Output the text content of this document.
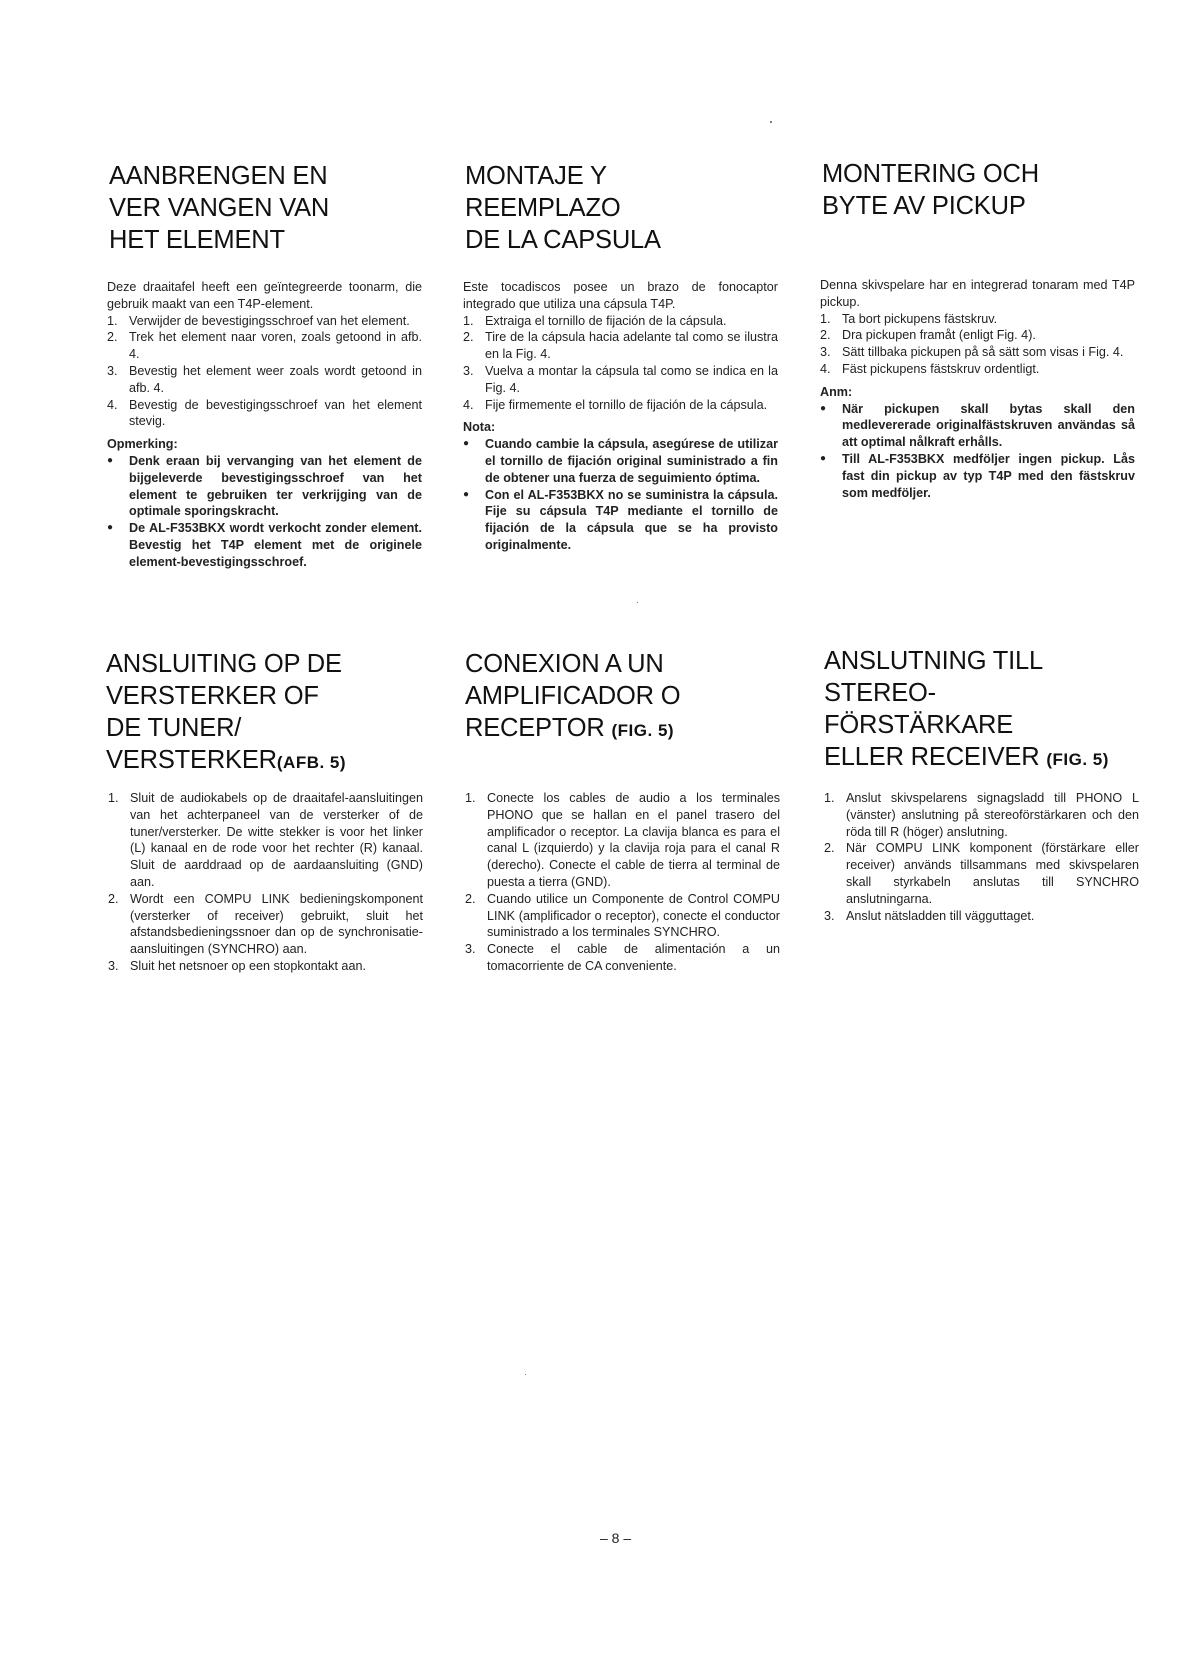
AANBRENGEN EN
VER VANGEN VAN
HET ELEMENT

Deze draaitafel heeft een geïntegreerde toonarm, die gebruik maakt van een T4P-element.

1. Verwijder de bevestigingsschroef van het element.
2. Trek het element naar voren, zoals getoond in afb. 4.
3. Bevestig het element weer zoals wordt getoond in afb. 4.
4. Bevestig de bevestigingsschroef van het element stevig.

Opmerking:

●	Denk eraan bij vervanging van het element de bijgeleverde bevestigingsschroef van het element te gebruiken ter verkrijging van de optimale sporingskracht.
●	De AL-F353BKX wordt verkocht zonder element. Bevestig het T4P element met de originele element-bevestigingsschroef.
MONTAJE Y
REEMPLAZO
DE LA CAPSULA

Este tocadiscos posee un brazo de fonocaptor integrado que utiliza una cápsula T4P.

1. Extraiga el tornillo de fijación de la cápsula.
2. Tire de la cápsula hacia adelante tal como se ilustra en la Fig. 4.
3. Vuelva a montar la cápsula tal como se indica en la Fig. 4.
4. Fije firmemente el tornillo de fijación de la cápsula.

Nota:

●	Cuando cambie la cápsula, asegúrese de utilizar el tornillo de fijación original suministrado a fin de obtener una fuerza de seguimiento óptima.
●	Con el AL-F353BKX no se suministra la cápsula. Fije su cápsula T4P mediante el tornillo de fijación de la cápsula que se ha provisto originalmente.
MONTERING OCH
BYTE AV PICKUP

Denna skivspelare har en integrerad tonaram med T4P pickup.

1. Ta bort pickupens fästskruv.
2. Dra pickupen framåt (enligt Fig. 4).
3. Sätt tillbaka pickupen på så sätt som visas i Fig. 4.
4. Fäst pickupens fästskruv ordentligt.

Anm:

●	När pickupen skall bytas skall den medlevererade originalfästskruven användas så att optimal nålkraft erhålls.
●	Till AL-F353BKX medföljer ingen pickup. Lås fast din pickup av typ T4P med den fästskruv som medföljer.
ANSLUITING OP DE
VERSTERKER OF
DE TUNER/
VERSTERKER(AFB. 5)
1. Sluit de audiokabels op de draaitafel-aansluitingen van het achterpaneel van de versterker of de tuner/versterker. De witte stekker is voor het linker (L) kanaal en de rode voor het rechter (R) kanaal. Sluit de aarddraad op de aardaansluiting (GND) aan.
2. Wordt een COMPU LINK bedieningskomponent (versterker of receiver) gebruikt, sluit het afstandsbedieningssnoer dan op de synchronisatie-aansluitingen (SYNCHRO) aan.
3. Sluit het netsnoer op een stopkontakt aan.
CONEXION A UN
AMPLIFICADOR O
RECEPTOR (FIG. 5)
1. Conecte los cables de audio a los terminales PHONO que se hallan en el panel trasero del amplificador o receptor. La clavija blanca es para el canal L (izquierdo) y la clavija roja para el canal R (derecho). Conecte el cable de tierra al terminal de puesta a tierra (GND).
2. Cuando utilice un Componente de Control COMPU LINK (amplificador o receptor), conecte el conductor suministrado a los terminales SYNCHRO.
3. Conecte el cable de alimentación a un tomacorriente de CA conveniente.
ANSLUTNING TILL
STEREO-
FÖRSTÄRKARE
ELLER RECEIVER (FIG. 5)
1. Anslut skivspelarens signagsladd till PHONO L (vänster) anslutning på stereoförstärkaren och den röda till R (höger) anslutning.
2. När COMPU LINK komponent (förstärkare eller receiver) används tillsammans med skivspelaren skall styrkabeln anslutas till SYNCHRO anslutningarna.
3. Anslut nätsladden till vägguttaget.
– 8 –
